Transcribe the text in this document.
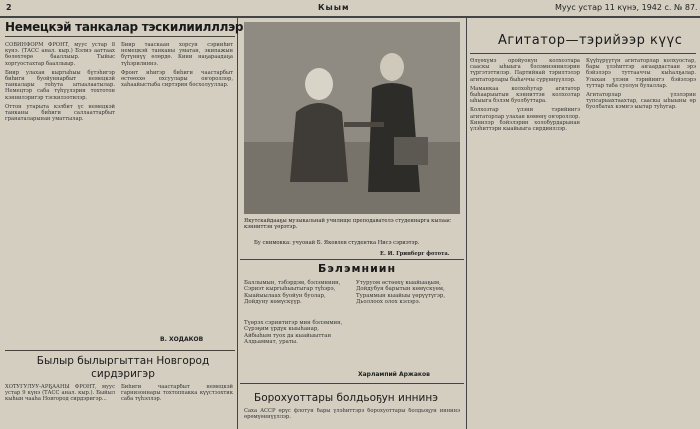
2	Кыым	Муус устар 11 күнэ, 1942 с. № 87.
Немецкэй танкалар тэскилиилллэр

СОВИНФОРМ ФРОНТ, муус устар 8 күнэ. (ТАСС анал. кыр.) Бэлиэ ааттаах бөлөхтөрө бааллыыр. Тыйыс хоргуостахтар бааллыыр.

Биир улахан кыргыһыы бүтэһигэр биһиги буойуннарбыт немецкэй танкалары тоһута ытыалаатылар. Немецтэр саба түһүүлэрин тохтотон кэннилэригэр тэскилээтилэр.

Оттон утарыта кэлбит үс немецкэй танканы биһиги саллааттарбыт гранаталарынан уматтылар.

Биир тааскаан хорсун сэрииһит немецкэй танканы уматан, экипажын бүтүннүү өлөрдө. Кини наҕараадаҕа түһэрилиннэ.

Фронт иһигэр биһиги чаастарбыт өстөөххө охсуулары оҥороллор, хаһаайыстыба сиртэрин босхолууллар.

В. ХОДАКОВ
Былыр былыргыттан Новгород сирдэригэр

ХОТУГУЛУУ-АРҔААНЫ ФРОНТ, муус устар 9 күнэ (ТАСС анал. кыр.). Быйыл кыһын чааһа Новгород сирдэригэр...

Биһиги чаастарбыт немецкэй гарнизоннары тохтоппакка күүстээхтик саба түһэллэр.

Якутскайдааҕы музыкальнай училище преподавателэ студеннарга кылаас кэнниттэн үөрэтэр.
Бу снимокка: учуонай Б. Яковлев студентка Нисэ сэриэтэр.
Е. И. Гринберг фотота.
Бэлэмниин
Баллымын, тэбэрдэм, бэлэмниин,
Сэриэт кыргыһыытыгар түһэрэ,
Кыайыылаах буойун буолар,
Дойдуну көмүскүүр.
Түөрэх сэриитигэр мин бэлэммин,
Сүрэҕим үрдүк кыыһанар,
Айбыһым туох да кыайыыттан
Алдьаммат, ураты.
Утуруом өстөөхү кыайыаҕым,
Дойдубун барытын көмүскүөм,
Тураммын кыайыы үөрүүтүгэр,
Дьоллоох олох кэлэрэ.
Харлампий Аржаков
Борохуоттары болдьоҕун иннинэ
Саха АССР өрүс флотун бары үлэһиттэрэ борохуоттары болдьоҕун иннинэ өрөмүөннүүллэр.
Агитатор—тэрийээр күүс

Өлүөхүмэ оройуонун колхозтара сааскы ыһыыга бэлэмнэниилэрин түргэтэттилэр. Партийнай тэрилтэлэр агитаторлары быһаччы сүрүннүүллэр.

Маманкаа колхоһугар агитатор быһаарыытын кэнниттэн колхозтар ыһыыга бэлэм буолбуттара.

Колхозтар үлэни тэрийиигэ агитаторлар улахан көмөнү оҥороллор. Кинилэр бэйэлэрин холобурдарынан үлэһиттэри кыайыыга сирдииллэр.

Күүһүрүүтүн агитаторлар колхуостар, бары үлэһиттэр аҥаардастаан эрэ бэйэлэрэ туттааччы кыһалҕалар. Улахан үлэни тэрийиигэ бэйэлэрэ туттар таба суолун булаллар.

Агитаторлар үлэлэрин тупсарыахтаахтар, сааскы ыһыыны өр буолбатах кэмҥэ ыытар туһугар.
